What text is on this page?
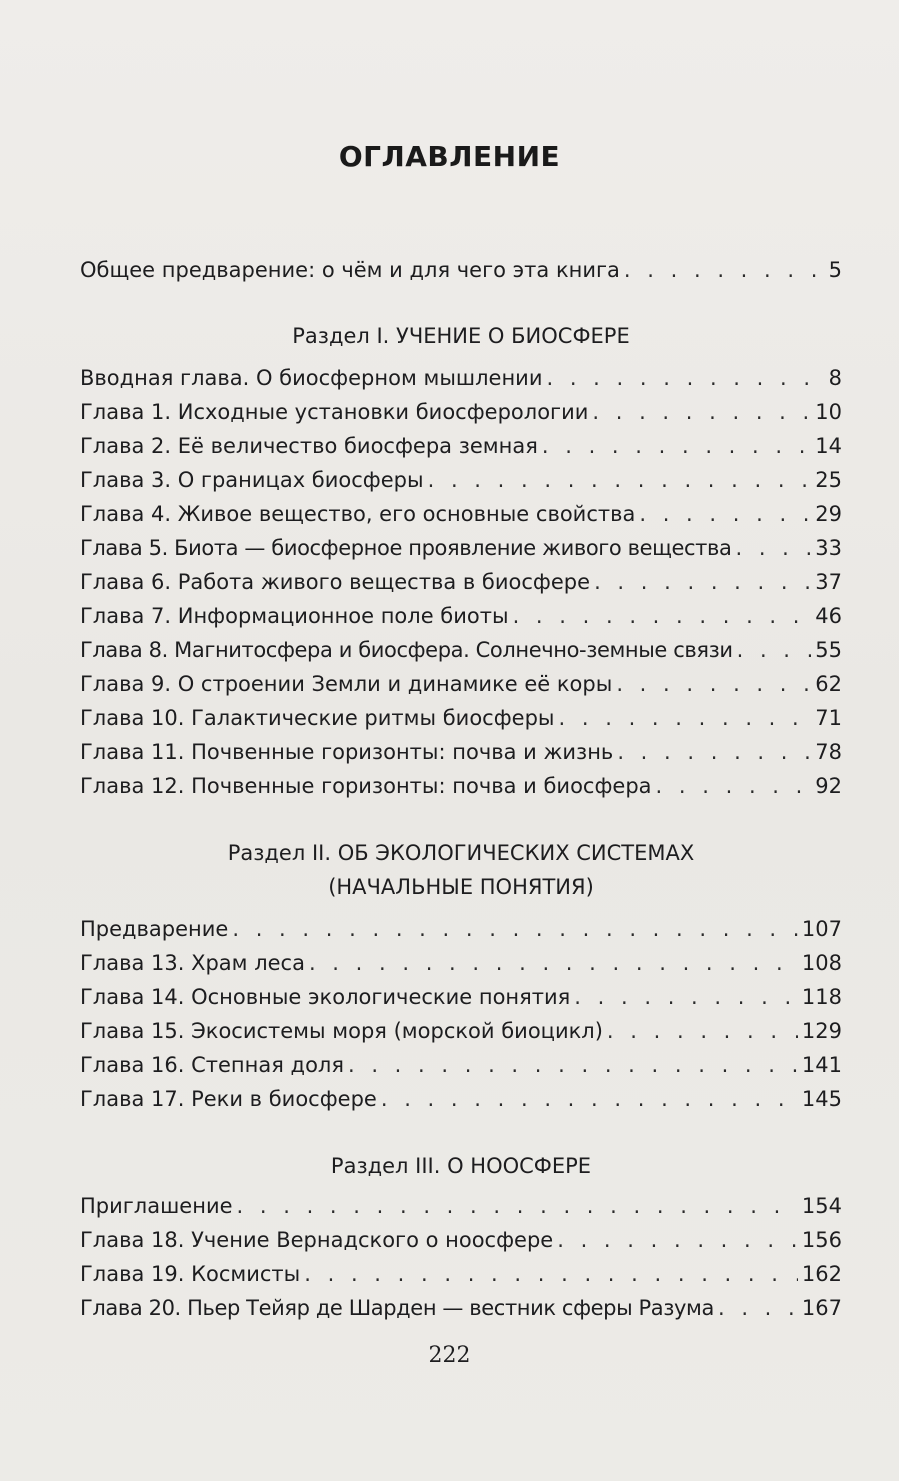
ОГЛАВЛЕНИЕ
Общее предварение: о чём и для чего эта книга . . .	5
Раздел I. УЧЕНИЕ О БИОСФЕРЕ
Вводная глава. О биосферном мышлении . . .	8
Глава 1. Исходные установки биосферологии . . .	10
Глава 2. Её величество биосфера земная . . .	14
Глава 3. О границах биосферы . . .	25
Глава 4. Живое вещество, его основные свойства . . .	29
Глава 5. Биота — биосферное проявление живого вещества . . .	33
Глава 6. Работа живого вещества в биосфере . . .	37
Глава 7. Информационное поле биоты . . .	46
Глава 8. Магнитосфера и биосфера. Солнечно-земные связи . . .	55
Глава 9. О строении Земли и динамике её коры . . .	62
Глава 10. Галактические ритмы биосферы . . .	71
Глава 11. Почвенные горизонты: почва и жизнь . . .	78
Глава 12. Почвенные горизонты: почва и биосфера . . .	92
Раздел II. ОБ ЭКОЛОГИЧЕСКИХ СИСТЕМАХ
(НАЧАЛЬНЫЕ ПОНЯТИЯ)
Предварение . . .	107
Глава 13. Храм леса . . .	108
Глава 14. Основные экологические понятия . . .	118
Глава 15. Экосистемы моря (морской биоцикл) . . .	129
Глава 16. Степная доля . . .	141
Глава 17. Реки в биосфере . . .	145
Раздел III. О НООСФЕРЕ
Приглашение . . .	154
Глава 18. Учение Вернадского о ноосфере . . .	156
Глава 19. Космисты . . .	162
Глава 20. Пьер Тейяр де Шарден — вестник сферы Разума . . .	167
222
